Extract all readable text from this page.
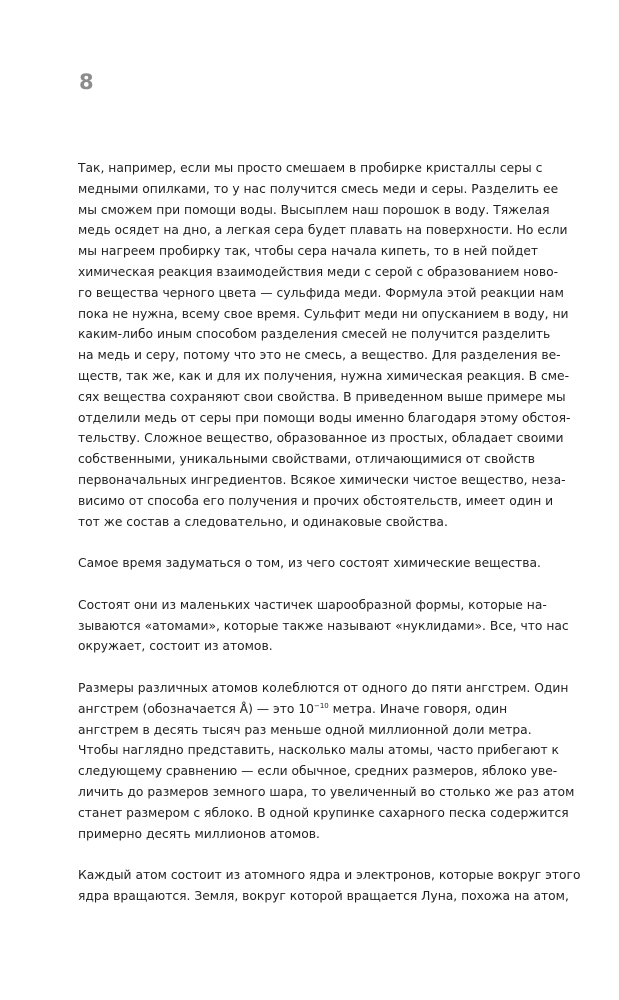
8

Так, например, если мы просто смешаем в пробирке кристаллы серы с
медными опилками, то у нас получится смесь меди и серы. Разделить ее
мы сможем при помощи воды. Высыплем наш порошок в воду. Тяжелая
медь осядет на дно, а легкая сера будет плавать на поверхности. Но если
мы нагреем пробирку так, чтобы сера начала кипеть, то в ней пойдет
химическая реакция взаимодействия меди с серой с образованием ново-
го вещества черного цвета — сульфида меди. Формула этой реакции нам
пока не нужна, всему свое время. Сульфит меди ни опусканием в воду, ни
каким-либо иным способом разделения смесей не получится разделить
на медь и серу, потому что это не смесь, а вещество. Для разделения ве-
ществ, так же, как и для их получения, нужна химическая реакция. В сме-
сях вещества сохраняют свои свойства. В приведенном выше примере мы
отделили медь от серы при помощи воды именно благодаря этому обстоя-
тельству. Сложное вещество, образованное из простых, обладает своими
собственными, уникальными свойствами, отличающимися от свойств
первоначальных ингредиентов. Всякое химически чистое вещество, неза-
висимо от способа его получения и прочих обстоятельств, имеет один и
тот же состав а следовательно, и одинаковые свойства.

Самое время задуматься о том, из чего состоят химические вещества.

Состоят они из маленьких частичек шарообразной формы, которые на-
зываются «атомами», которые также называют «нуклидами». Все, что нас
окружает, состоит из атомов.

Размеры различных атомов колеблются от одного до пяти ангстрем. Один
ангстрем (обозначается Å) — это $10^{-10}$ метра. Иначе говоря, один
ангстрем в десять тысяч раз меньше одной миллионной доли метра.
Чтобы наглядно представить, насколько малы атомы, часто прибегают к
следующему сравнению — если обычное, средних размеров, яблоко уве-
личить до размеров земного шара, то увеличенный во столько же раз атом
станет размером с яблоко. В одной крупинке сахарного песка содержится
примерно десять миллионов атомов.

Каждый атом состоит из атомного ядра и электронов, которые вокруг этого
ядра вращаются. Земля, вокруг которой вращается Луна, похожа на атом,
